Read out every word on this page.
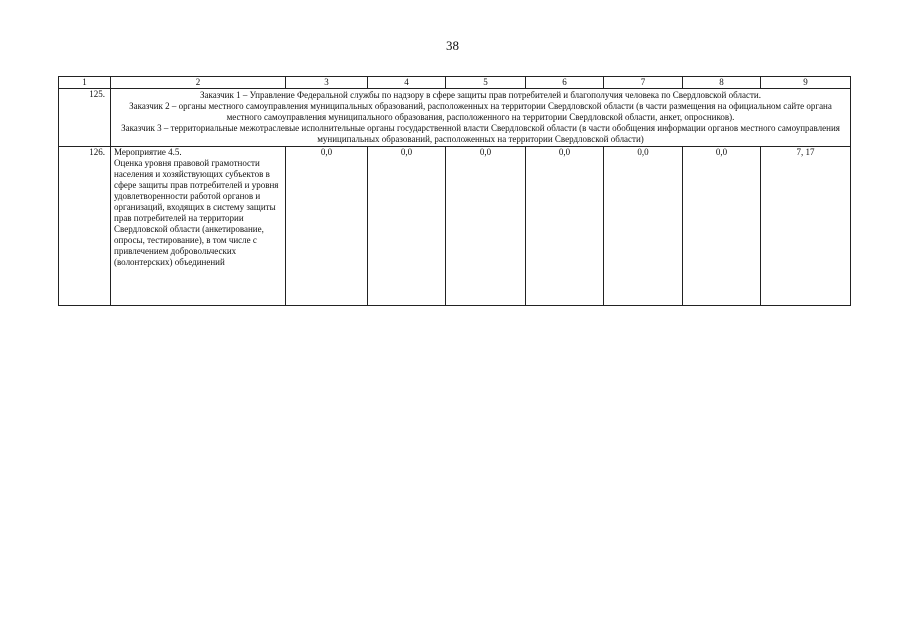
38
1	2	3	4	5	6	7	8	9
125.	Заказчик 1 – Управление Федеральной службы по надзору в сфере защиты прав потребителей и благополучия человека по Свердловской области.

Заказчик 2 – органы местного самоуправления муниципальных образований, расположенных на территории Свердловской области (в части размещения на официальном сайте органа местного самоуправления муниципального образования, расположенного на территории Свердловской области, анкет, опросников).

Заказчик 3 – территориальные межотраслевые исполнительные органы государственной власти Свердловской области (в части обобщения информации органов местного самоуправления муниципальных образований, расположенных на территории Свердловской области)							

126.	Мероприятие 4.5.
Оценка уровня правовой грамотности населения и хозяйствующих субъектов в сфере защиты прав потребителей и уровня удовлетворенности работой органов и организаций, входящих в систему защиты прав потребителей на территории Свердловской области (анкетирование, опросы, тестирование), в том числе с привлечением добровольческих (волонтерских) объединений	0,0	0,0	0,0	0,0	0,0	0,0	7, 17
